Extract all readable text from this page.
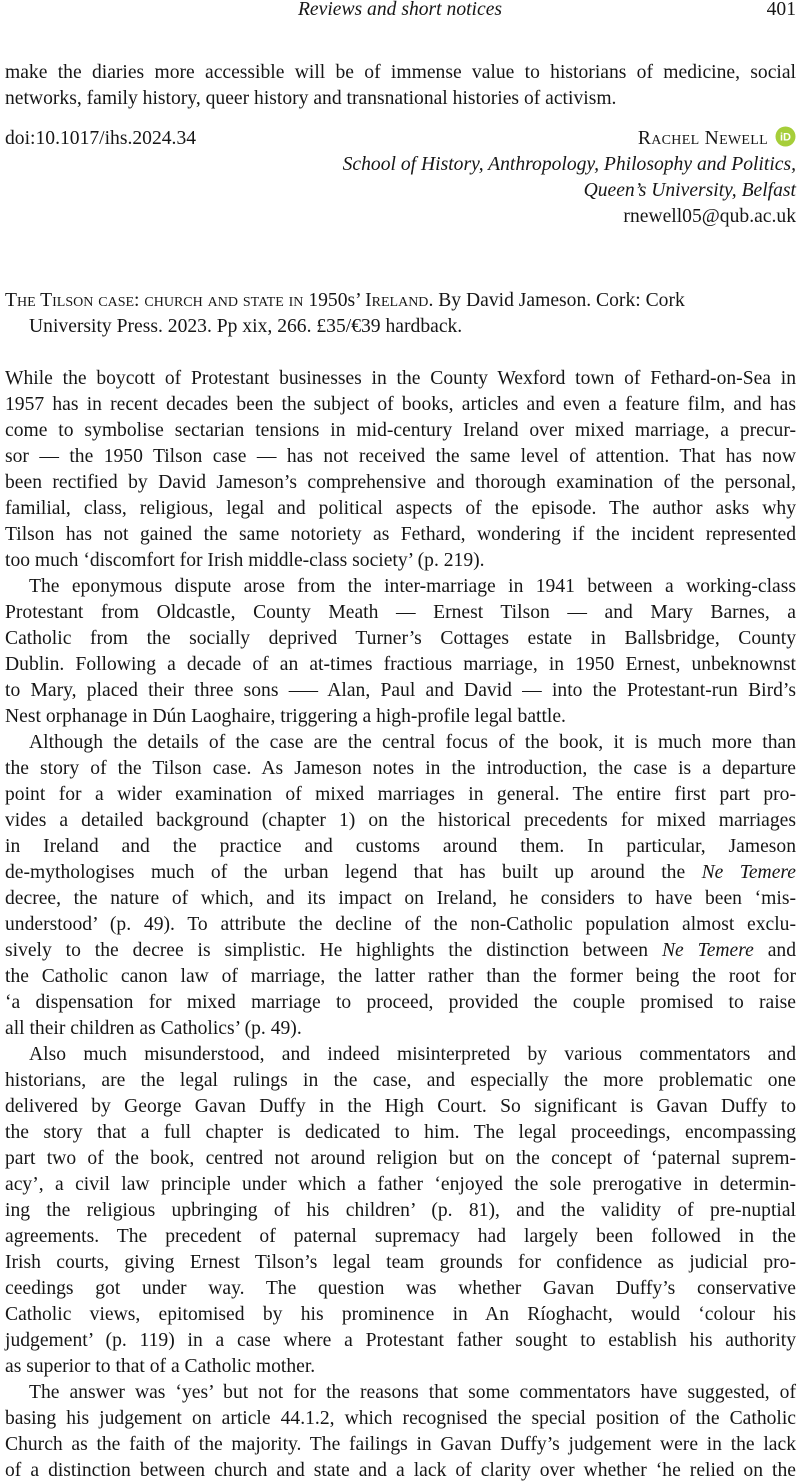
Reviews and short notices	401
make the diaries more accessible will be of immense value to historians of medicine, social
networks, family history, queer history and transnational histories of activism.
doi:10.1017/ihs.2024.34	Rachel Newell iD
School of History, Anthropology, Philosophy and Politics,
Queen’s University, Belfast
rnewell05@qub.ac.uk
The Tilson case: church and state in 1950s’ Ireland. By David Jameson. Cork: Cork
University Press. 2023. Pp xix, 266. £35/€39 hardback.
While the boycott of Protestant businesses in the County Wexford town of Fethard-on-Sea in
1957 has in recent decades been the subject of books, articles and even a feature film, and has
come to symbolise sectarian tensions in mid-century Ireland over mixed marriage, a precur-
sor — the 1950 Tilson case — has not received the same level of attention. That has now
been rectified by David Jameson’s comprehensive and thorough examination of the personal,
familial, class, religious, legal and political aspects of the episode. The author asks why
Tilson has not gained the same notoriety as Fethard, wondering if the incident represented
too much ‘discomfort for Irish middle-class society’ (p. 219).
The eponymous dispute arose from the inter-marriage in 1941 between a working-class
Protestant from Oldcastle, County Meath — Ernest Tilson — and Mary Barnes, a
Catholic from the socially deprived Turner’s Cottages estate in Ballsbridge, County
Dublin. Following a decade of an at-times fractious marriage, in 1950 Ernest, unbeknownst
to Mary, placed their three sons —– Alan, Paul and David — into the Protestant-run Bird’s
Nest orphanage in Dún Laoghaire, triggering a high-profile legal battle.
Although the details of the case are the central focus of the book, it is much more than
the story of the Tilson case. As Jameson notes in the introduction, the case is a departure
point for a wider examination of mixed marriages in general. The entire first part pro-
vides a detailed background (chapter 1) on the historical precedents for mixed marriages
in Ireland and the practice and customs around them. In particular, Jameson
de-mythologises much of the urban legend that has built up around the Ne Temere
decree, the nature of which, and its impact on Ireland, he considers to have been ‘mis-
understood’ (p. 49). To attribute the decline of the non-Catholic population almost exclu-
sively to the decree is simplistic. He highlights the distinction between Ne Temere and
the Catholic canon law of marriage, the latter rather than the former being the root for
‘a dispensation for mixed marriage to proceed, provided the couple promised to raise
all their children as Catholics’ (p. 49).
Also much misunderstood, and indeed misinterpreted by various commentators and
historians, are the legal rulings in the case, and especially the more problematic one
delivered by George Gavan Duffy in the High Court. So significant is Gavan Duffy to
the story that a full chapter is dedicated to him. The legal proceedings, encompassing
part two of the book, centred not around religion but on the concept of ‘paternal suprem-
acy’, a civil law principle under which a father ‘enjoyed the sole prerogative in determin-
ing the religious upbringing of his children’ (p. 81), and the validity of pre-nuptial
agreements. The precedent of paternal supremacy had largely been followed in the
Irish courts, giving Ernest Tilson’s legal team grounds for confidence as judicial pro-
ceedings got under way. The question was whether Gavan Duffy’s conservative
Catholic views, epitomised by his prominence in An Ríoghacht, would ‘colour his
judgement’ (p. 119) in a case where a Protestant father sought to establish his authority
as superior to that of a Catholic mother.
The answer was ‘yes’ but not for the reasons that some commentators have suggested, of
basing his judgement on article 44.1.2, which recognised the special position of the Catholic
Church as the faith of the majority. The failings in Gavan Duffy’s judgement were in the lack
of a distinction between church and state and a lack of clarity over whether ‘he relied on the
